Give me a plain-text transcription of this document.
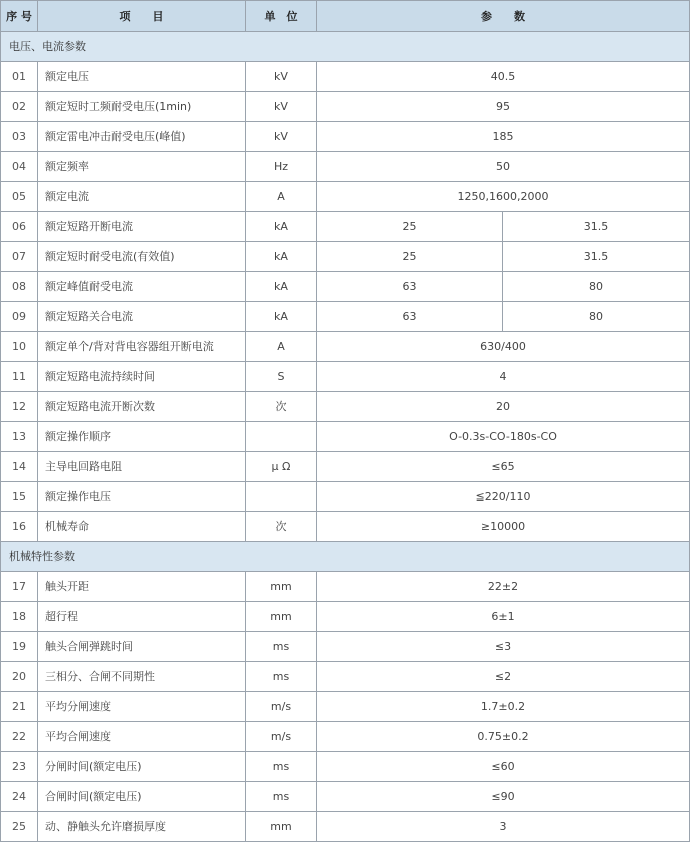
序 号	项　　目	单　位	参　　数	
电压、电流参数				
01	额定电压	kV	40.5	
02	额定短时工频耐受电压(1min)	kV	95	
03	额定雷电冲击耐受电压(峰值)	kV	185	
04	额定频率	Hz	50	
05	额定电流	A	1250,1600,2000	
06	额定短路开断电流	kA	25	31.5
07	额定短时耐受电流(有效值)	kA	25	31.5
08	额定峰值耐受电流	kA	63	80
09	额定短路关合电流	kA	63	80
10	额定单个/背对背电容器组开断电流	A	630/400	
11	额定短路电流持续时间	S	4	
12	额定短路电流开断次数	次	20	
13	额定操作顺序		O-0.3s-CO-180s-CO	
14	主导电回路电阻	μ Ω	≤65	
15	额定操作电压		≦220/110	
16	机械寿命	次	≥10000	
机械特性参数				
17	触头开距	mm	22±2	
18	超行程	mm	6±1	
19	触头合闸弹跳时间	ms	≤3	
20	三相分、合闸不同期性	ms	≤2	
21	平均分闸速度	m/s	1.7±0.2	
22	平均合闸速度	m/s	0.75±0.2	
23	分闸时间(额定电压)	ms	≤60	
24	合闸时间(额定电压)	ms	≤90	
25	动、静触头允许磨损厚度	mm	3	
